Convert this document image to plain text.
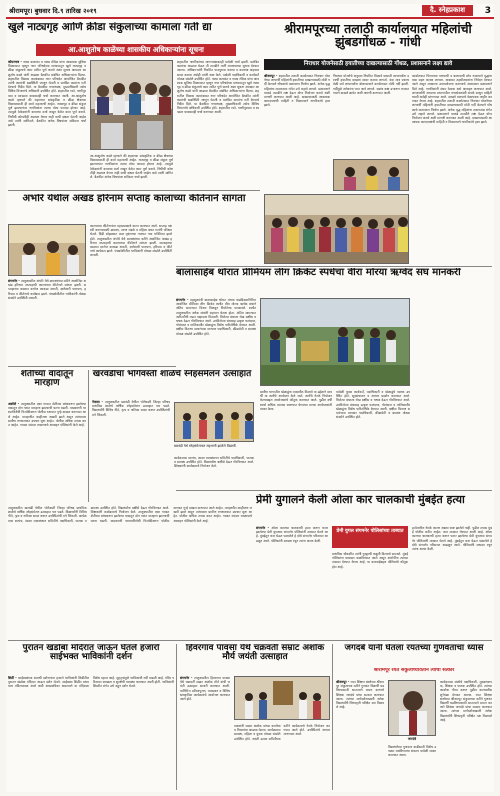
श्रीरामपूर। बुधवार दि.९ तारिख २०१९	दै. स्नेहप्रकाश	3
खुले नाट्यगृह आणि क्रीडा संकुलाच्या कामाला गती द्या
आ.आशुतोष काळेंच्या शासकीय अधिकाऱ्यांना सूचना
कोपरगाव - नाट्य कलावंत व नाट्य रसिक यांना आवश्यक सुविधा मिळाव्यात म्हणून नगर परिषदेच्या माध्यमातून खुले नाट्यगृह व क्रीडा संकुलाचे काम त्वरित पूर्ण करावे अशा सूचना आमदार आशुतोष काळे यांनी आढावा बैठकीत संबंधित अधिकाऱ्यांना दिल्या. शहरातील विकास कामांबाबत नगर परिषदेत आयोजित बैठकीत त्यांनी कामांची सद्यस्थिती जाणून घेतली व प्रलंबित कामांना गती देण्याचे निर्देश दिले. या बैठकीस नगराध्यक्ष, मुख्याधिकारी तसेच विविध विभागांचे अधिकारी उपस्थित होते. शहरातील रस्ते, पाणीपुरवठा व स्वच्छता याबाबतही चर्चा करण्यात आली. आ.आशुतोष काळे म्हणाले की शहराच्या सांस्कृतिक व क्रीडा क्षेत्राच्या विकासासाठी ही कामे महत्त्वाची आहेत. नाट्यगृह व क्रीडा संकुल पूर्ण झाल्यानंतर नागरिकांना त्याचा मोठा फायदा होणार आहे. त्यामुळे ठेकेदारांनी कामाचा दर्जा राखून वेळेत काम पूर्ण करावे. निधीची कोणतीही अडचण येणार नाही याची दक्षता घेतली जाईल असे त्यांनी सांगितले. बैठकीत अनेक विषयांवर सविस्तर चर्चा झाली.
आ.आशुतोष काळे म्हणाले की शहराच्या सांस्कृतिक व क्रीडा क्षेत्राच्या विकासासाठी ही कामे महत्त्वाची आहेत. नाट्यगृह व क्रीडा संकुल पूर्ण झाल्यानंतर नागरिकांना त्याचा मोठा फायदा होणार आहे. त्यामुळे ठेकेदारांनी कामाचा दर्जा राखून वेळेत काम पूर्ण करावे. निधीची कोणतीही अडचण येणार नाही याची दक्षता घेतली जाईल असे त्यांनी सांगितले. बैठकीत अनेक विषयांवर सविस्तर चर्चा झाली.
शहरातील नागरिकांच्या मागण्यांबाबतही यावेळी चर्चा झाली. प्रलंबित कामांचा आढावा घेऊन ती तातडीने मार्गी लावण्याच्या सूचना देण्यात आल्या. अधिकाऱ्यांनी नियमित पाठपुरावा करावा व कामाचा अहवाल सादर करावा असेही त्यांनी स्पष्ट केले. यावेळी पदाधिकारी व कार्यकर्ते मोठ्या संख्येने उपस्थित होते. नाट्य कलावंत व नाट्य रसिक यांना आवश्यक सुविधा मिळाव्यात म्हणून नगर परिषदेच्या माध्यमातून खुले नाट्यगृह व क्रीडा संकुलाचे काम त्वरित पूर्ण करावे अशा सूचना आमदार आशुतोष काळे यांनी आढावा बैठकीत संबंधित अधिकाऱ्यांना दिल्या. शहरातील विकास कामांबाबत नगर परिषदेत आयोजित बैठकीत त्यांनी कामांची सद्यस्थिती जाणून घेतली व प्रलंबित कामांना गती देण्याचे निर्देश दिले. या बैठकीस नगराध्यक्ष, मुख्याधिकारी तसेच विविध विभागांचे अधिकारी उपस्थित होते. शहरातील रस्ते, पाणीपुरवठा व स्वच्छता याबाबतही चर्चा करण्यात आली.
अंभोरे येथील अखंड हरिनाम सप्ताह कालाच्या कीर्तनाने सांगता
संगमनेर - तालुक्यातील अंभोरे येथे ग्रामस्थांच्या वतीने आयोजित अखंड हरिनाम सप्ताहाची काल्याच्या कीर्तनाने सांगता झाली. सप्ताहाच्या काळात दररोज काकडा आरती, ज्ञानेश्वरी पारायण, हरिपाठ व कीर्तनाचे कार्यक्रम झाले. पंचक्रोशीतील भाविकांनी मोठ्या संख्येने उपस्थिती लावली.
काल्याच्या कीर्तनानंतर महाप्रसादाचे वाटप करण्यात आले. सप्ताह यशस्वी करण्यासाठी ग्रामस्थ, तरुण मंडळे व महिला बचत गटांनी परिश्रम घेतले. दिंडी सोहळ्यात टाळ मृदंगाच्या गजरात गाव भक्तिमय झाले होते. तालुक्यातील अंभोरे येथे ग्रामस्थांच्या वतीने आयोजित अखंड हरिनाम सप्ताहाची काल्याच्या कीर्तनाने सांगता झाली. सप्ताहाच्या काळात दररोज काकडा आरती, ज्ञानेश्वरी पारायण, हरिपाठ व कीर्तनाचे कार्यक्रम झाले. पंचक्रोशीतील भाविकांनी मोठ्या संख्येने उपस्थिती लावली.
बालासाहेब थोरात प्रीमियम लीग क्रिकेट स्पर्धेचा वीरा मोरया ऋग्वेद संघ मानकरी
संगमनेर - महसूलमंत्री बाळासाहेब थोरात यांच्या वाढदिवसानिमित्त आयोजित प्रीमियम लीग क्रिकेट स्पर्धेत वीरा मोरया ऋग्वेद संघाने अंतिम सामन्यात विजय मिळवून विजेतेपद पटकावले. स्पर्धेत तालुक्यातील अनेक संघांनी सहभाग घेतला होता. अंतिम सामन्यात अटीतटीची लढत पाहायला मिळाली. विजेत्या संघाला रोख बक्षीस व चषक देऊन गौरविण्यात आले. उपविजेत्या संघासह उत्कृष्ट फलंदाज, गोलंदाज व मालिकावीर खेळाडूंना विशेष पारितोषिके देण्यात आली. बक्षीस वितरण समारंभास मान्यवर पदाधिकारी, क्रीडाप्रेमी व ग्रामस्थ मोठ्या संख्येने उपस्थित होते.
ग्रामीण भागातील खेळाडूंना व्यासपीठ मिळावे या उद्देशाने दरवर्षी या स्पर्धेचे आयोजन केले जाते. स्पर्धेचे नेटके नियोजन केल्याबद्दल आयोजकांचे कौतुक करण्यात आले. पुढील वर्षी स्पर्धा अधिक व्यापक स्वरूपात घेण्याचा मानस आयोजकांनी व्यक्त केला.
यावेळी युवक कार्यकर्ते, पदाधिकारी व खेळाडूंचे पालक उपस्थित होते. सूत्रसंचालन व आभार प्रदर्शन करण्यात आले. विजेत्या संघाला रोख बक्षीस व चषक देऊन गौरविण्यात आले. उपविजेत्या संघासह उत्कृष्ट फलंदाज, गोलंदाज व मालिकावीर खेळाडूंना विशेष पारितोषिके देण्यात आली. बक्षीस वितरण समारंभास मान्यवर पदाधिकारी, क्रीडाप्रेमी व ग्रामस्थ मोठ्या संख्येने उपस्थित होते.
श्रीरामपूरच्या तलाठी कार्यालयात महिलांची झुंबडगोंधळ - गांधी
निराधार योजनेसाठी हयातीच्या दाखल्यासाठी गोंधळ, प्रशासनाने लक्ष्य द्यावे
श्रीरामपूर - शहरातील तलाठी कार्यालयात निराधार योजनेच्या लाभार्थी महिलांनी हयातीच्या दाखल्यासाठी मोठी गर्दी केल्याने गोंधळाचे वातावरण निर्माण झाले. अनेक वृद्ध महिलांना तासनतास रांगेत उभे राहावे लागले. प्रशासनाने याकडे तातडीने लक्ष देऊन योग्य नियोजन करावे अशी मागणी करण्यात आली आहे. दाखल्यासाठी आवश्यक कागदपत्रांची माहिती न मिळाल्याने नागरिकांचे हाल झाले.
निराधार योजनेचे अनुदान नियमित मिळावे यासाठी लाभार्थ्यांना दरवर्षी हयातीचा दाखला सादर करावा लागतो. यंदा मात्र एकाच वेळी सर्व लाभार्थ्यांना बोलावल्याने कार्यालयात मोठी गर्दी झाली. गर्दीमुळे अनेकांना परत जावे लागले. स्वतंत्र कक्ष उभारून टप्प्याटप्प्याने दाखले द्यावेत अशी मागणी करण्यात आली.
कार्यालयात पिण्याच्या पाण्याची व बसण्याची सोय नसल्याने वृद्धांना त्रास सहन करावा लागला. याबाबत तहसीलदारांना निवेदन देण्यात आले असून लवकरच उपाययोजना करण्याचे आश्वासन प्रशासनाने दिले आहे. नागरिकांनी संयम ठेवावा असे आवाहन करण्यात आले. लाभार्थ्यांनी आपल्या प्रभागातील नगरसेवकांशी संपर्क साधून माहिती घ्यावी असेही सांगण्यात आले. दाखले वाटपाचे वेळापत्रक जाहीर करण्यात येणार आहे. शहरातील तलाठी कार्यालयात निराधार योजनेच्या लाभार्थी महिलांनी हयातीच्या दाखल्यासाठी मोठी गर्दी केल्याने गोंधळाचे वातावरण निर्माण झाले. अनेक वृद्ध महिलांना तासनतास रांगेत उभे राहावे लागले. प्रशासनाने याकडे तातडीने लक्ष देऊन योग्य नियोजन करावे अशी मागणी करण्यात आली आहे. दाखल्यासाठी आवश्यक कागदपत्रांची माहिती न मिळाल्याने नागरिकांचे हाल झाले.
शेतीच्या वादातून मारहाण
अकोले - तालुक्यातील एका गावात शेतीच्या बांधावरून झालेल्या वादातून दोन गटांत मारहाण झाल्याची घटना घडली. याप्रकरणी परस्परविरोधी फिर्यादीवरून पोलीस ठाण्यात गुन्हे दाखल करण्यात आले आहेत. मारहाणीत काहीजण जखमी झाले असून त्यांच्यावर ग्रामीण रुग्णालयात उपचार सुरू आहेत. पोलीस अधिक तपास करत आहेत. गावात शांतता राखण्याचे आवाहन पोलिसांनी केले आहे.
खरवंडीचा भोगेवस्ती शाळेचे स्नेहसंमेलन उत्साहात
नेवासा - तालुक्यातील खरवंडी येथील भोगेवस्ती जिल्हा परिषद प्राथमिक शाळेचे वार्षिक स्नेहसंमेलन उत्साहात पार पडले. विद्यार्थ्यांनी विविध गीते, नृत्य व नाटिका सादर करून उपस्थितांची मने जिंकली.
खरवंडी येथे स्नेहसंमेलनात सहभागी झालेले विद्यार्थी.
कार्यक्रमास सरपंच, शाळा व्यवस्थापन समितीचे पदाधिकारी, पालक व ग्रामस्थ उपस्थित होते. विद्यार्थ्यांना बक्षीसे देऊन गौरविण्यात आले. शिक्षकांनी कार्यक्रमाचे नियोजन केले.
प्रेमी युगालने केली ओला कार चालकाची मुंबईत हत्या
संगमनेर - ओला कारच्या चालकाची हत्या करून फरार झालेल्या प्रेमी युगलास संगमनेर पोलिसांनी ताब्यात घेतले आहे. मुंबईतून कार घेऊन पळालेले हे दोघे संगमनेर परिसरात आढळून आले. पोलिसांनी सापळा रचून त्यांना अटक केली.
प्रेमी युगल संगमनेर पोलिसांच्या ताब्यात
प्राथमिक चौकशीत त्यांनी गुन्ह्याची कबुली दिल्याचे समजते. मुंबई पोलिसांना याबाबत कळविण्यात आले असून आरोपींना त्यांच्या ताब्यात देण्यात येणार आहे. या कारवाईबद्दल पोलिसांचे कौतुक होत आहे.
हत्येमागील नेमके कारण अद्याप स्पष्ट झालेले नाही. पुढील तपास मुंबई पोलीस करीत आहेत. कार ताब्यात घेण्यात आली आहे. ओला कारच्या चालकाची हत्या करून फरार झालेल्या प्रेमी युगलास संगमनेर पोलिसांनी ताब्यात घेतले आहे. मुंबईतून कार घेऊन पळालेले हे दोघे संगमनेर परिसरात आढळून आले. पोलिसांनी सापळा रचून त्यांना अटक केली.
तालुक्यातील खरवंडी येथील भोगेवस्ती जिल्हा परिषद प्राथमिक शाळेचे वार्षिक स्नेहसंमेलन उत्साहात पार पडले. विद्यार्थ्यांनी विविध गीते, नृत्य व नाटिका सादर करून उपस्थितांची मने जिंकली. कार्यक्रमास सरपंच, शाळा व्यवस्थापन समितीचे पदाधिकारी, पालक व ग्रामस्थ उपस्थित होते. विद्यार्थ्यांना बक्षीसे देऊन गौरविण्यात आले. शिक्षकांनी कार्यक्रमाचे नियोजन केले. तालुक्यातील एका गावात शेतीच्या बांधावरून झालेल्या वादातून दोन गटांत मारहाण झाल्याची घटना घडली. याप्रकरणी परस्परविरोधी फिर्यादीवरून पोलीस ठाण्यात गुन्हे दाखल करण्यात आले आहेत. मारहाणीत काहीजण जखमी झाले असून त्यांच्यावर ग्रामीण रुग्णालयात उपचार सुरू आहेत. पोलीस अधिक तपास करत आहेत. गावात शांतता राखण्याचे आवाहन पोलिसांनी केले आहे.
पुरातन खंडोबा मंदिरात जाऊन घेतले हजारो साईभक्त भाविकांनी दर्शन
शिर्डी - साईबाबांच्या समाधी दर्शनानंतर हजारो भाविकांनी शिर्डीतील पुरातन खंडोबा मंदिरात जाऊन दर्शन घेतले. साईबाबा शिर्डीत प्रथम याच मंदिराजवळ आले अशी आख्यायिका असल्याने या मंदिराला विशेष महत्त्व आहे. सुट्ट्यांमुळे भाविकांची गर्दी वाढली आहे. मंदिर परिसरात स्वच्छता व सुरक्षेची व्यवस्था करण्यात आली होती. भाविकांनी शिस्तीत रांगेत उभे राहून दर्शन घेतले.
हिवरगाव पावसा येथे चक्रवर्ती सम्राट अशोक मौर्य जयंती उत्साहात
संगमनेर - तालुक्यातील हिवरगाव पावसा येथे चक्रवर्ती सम्राट अशोक मौर्य यांची जयंती उत्साहात साजरी करण्यात आली. यानिमित्त प्रतिमापूजन, व्याख्यान व विविध सांस्कृतिक कार्यक्रमांचे आयोजन करण्यात आले होते.
वक्त्यांनी सम्राट अशोक यांच्या कार्याचा व विचारांचा आढावा घेतला. कार्यक्रमास ग्रामस्थ, महिला व युवक मोठ्या संख्येने उपस्थित होते. जयंती उत्सव समितीच्या वतीने कार्यक्रमाचे नेटके नियोजन करण्यात आले होते. उपस्थितांचे आभार मानण्यात आले.
जगदंबे यांनी घेतला रयतच्या गुणवंतांचा ध्यास
श्रीरामपूर रयत संकुलाच्यावतीने त्यांचा सत्कार
श्रीरामपूर - रयत शिक्षण संस्थेच्या श्रीरामपूर संकुलाच्या वतीने गुणवंत विद्यार्थी घडविण्यासाठी सातत्याने प्रयत्न करणारे शिक्षक जगदंबे यांचा सत्कार करण्यात आला. त्यांच्या मार्गदर्शनाखाली अनेक विद्यार्थ्यांनी शिष्यवृत्ती परीक्षेत यश मिळवले आहे.
जगदंबे
विद्यार्थ्यांच्या गुणवत्ता वाढीसाठी विशेष उपक्रम राबविण्याचा संकल्प यावेळी व्यक्त करण्यात आला.
कार्यक्रमास संस्थेचे पदाधिकारी, मुख्याध्यापक, शिक्षक व पालक उपस्थित होते. त्यांच्या कार्याचा गौरव करून पुढील वाटचालीस शुभेच्छा देण्यात आल्या. रयत शिक्षण संस्थेच्या श्रीरामपूर संकुलाच्या वतीने गुणवंत विद्यार्थी घडविण्यासाठी सातत्याने प्रयत्न करणारे शिक्षक जगदंबे यांचा सत्कार करण्यात आला. त्यांच्या मार्गदर्शनाखाली अनेक विद्यार्थ्यांनी शिष्यवृत्ती परीक्षेत यश मिळवले आहे.
